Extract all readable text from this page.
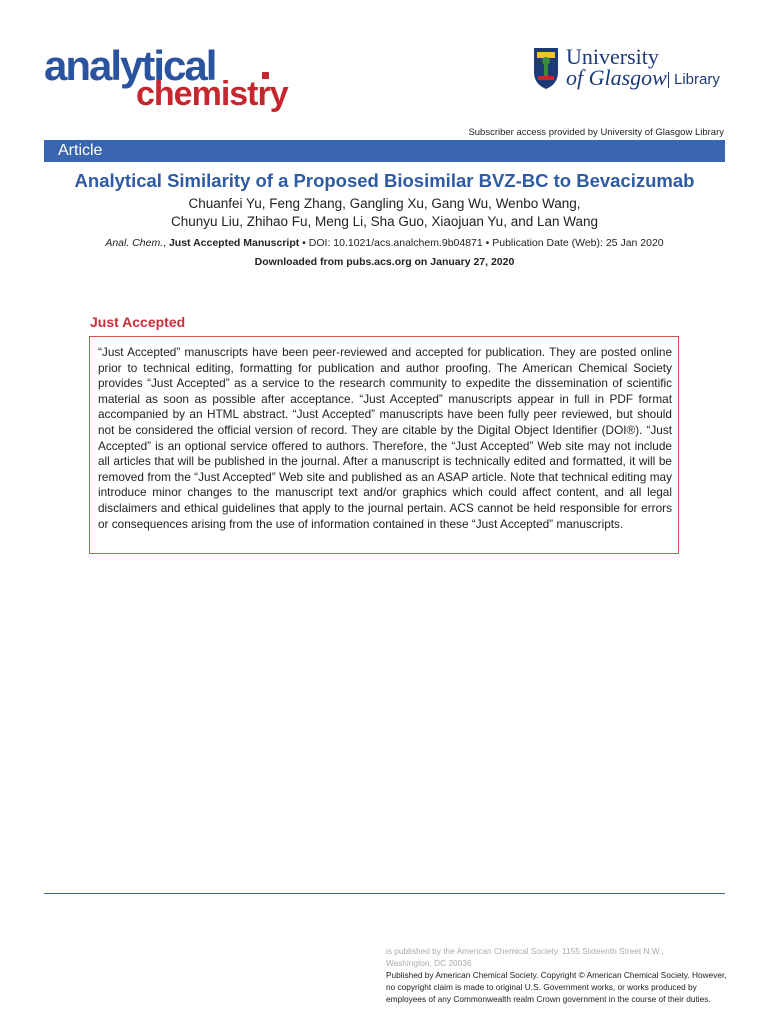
analytical
chemistry
University
of Glasgow Library
Subscriber access provided by University of Glasgow Library
Article
Analytical Similarity of a Proposed Biosimilar BVZ-BC to Bevacizumab
Chuanfei Yu, Feng Zhang, Gangling Xu, Gang Wu, Wenbo Wang,
Chunyu Liu, Zhihao Fu, Meng Li, Sha Guo, Xiaojuan Yu, and Lan Wang
Anal. Chem., Just Accepted Manuscript • DOI: 10.1021/acs.analchem.9b04871 • Publication Date (Web): 25 Jan 2020
Downloaded from pubs.acs.org on January 27, 2020
Just Accepted
“Just Accepted” manuscripts have been peer-reviewed and accepted for publication. They are posted online prior to technical editing, formatting for publication and author proofing. The American Chemical Society provides “Just Accepted” as a service to the research community to expedite the dissemination of scientific material as soon as possible after acceptance. “Just Accepted” manuscripts appear in full in PDF format accompanied by an HTML abstract. “Just Accepted” manuscripts have been fully peer reviewed, but should not be considered the official version of record. They are citable by the Digital Object Identifier (DOI®). “Just Accepted” is an optional service offered to authors. Therefore, the “Just Accepted” Web site may not include all articles that will be published in the journal. After a manuscript is technically edited and formatted, it will be removed from the “Just Accepted” Web site and published as an ASAP article. Note that technical editing may introduce minor changes to the manuscript text and/or graphics which could affect content, and all legal disclaimers and ethical guidelines that apply to the journal pertain. ACS cannot be held responsible for errors or consequences arising from the use of information contained in these “Just Accepted” manuscripts.
is published by the American Chemical Society. 1155 Sixteenth Street N.W.,
Washington, DC 20036
Published by American Chemical Society. Copyright © American Chemical Society. However, no copyright claim is made to original U.S. Government works, or works produced by employees of any Commonwealth realm Crown government in the course of their duties.
